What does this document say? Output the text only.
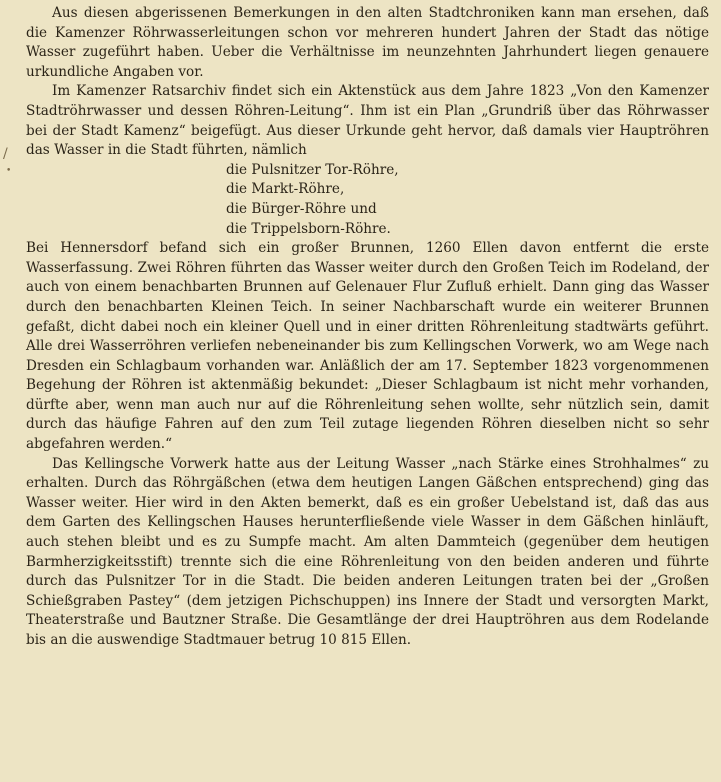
/
•

Aus diesen abgerissenen Bemerkungen in den alten Stadtchroniken kann man ersehen, daß die Kamenzer Röhrwasserleitungen schon vor mehreren hundert Jahren der Stadt das nötige Wasser zugeführt haben. Ueber die Verhältnisse im neunzehnten Jahrhundert liegen genauere urkundliche Angaben vor.

Im Kamenzer Ratsarchiv findet sich ein Aktenstück aus dem Jahre 1823 „Von den Kamenzer Stadtröhrwasser und dessen Röhren-Leitung“. Ihm ist ein Plan „Grundriß über das Röhrwasser bei der Stadt Kamenz“ beigefügt. Aus dieser Urkunde geht hervor, daß damals vier Hauptröhren das Wasser in die Stadt führten, nämlich

die Pulsnitzer Tor-Röhre,
die Markt-Röhre,
die Bürger-Röhre und
die Trippelsborn-Röhre.

Bei Hennersdorf befand sich ein großer Brunnen, 1260 Ellen davon entfernt die erste Wasserfassung. Zwei Röhren führten das Wasser weiter durch den Großen Teich im Rodeland, der auch von einem benachbarten Brunnen auf Gelenauer Flur Zufluß erhielt. Dann ging das Wasser durch den benachbarten Kleinen Teich. In seiner Nachbarschaft wurde ein weiterer Brunnen gefaßt, dicht dabei noch ein kleiner Quell und in einer dritten Röhrenleitung stadtwärts geführt. Alle drei Wasserröhren verliefen nebeneinander bis zum Kellingschen Vorwerk, wo am Wege nach Dresden ein Schlagbaum vorhanden war. Anläßlich der am 17. September 1823 vorgenommenen Begehung der Röhren ist aktenmäßig bekundet: „Dieser Schlagbaum ist nicht mehr vorhanden, dürfte aber, wenn man auch nur auf die Röhrenleitung sehen wollte, sehr nützlich sein, damit durch das häufige Fahren auf den zum Teil zutage liegenden Röhren dieselben nicht so sehr abgefahren werden.“

Das Kellingsche Vorwerk hatte aus der Leitung Wasser „nach Stärke eines Strohhalmes“ zu erhalten. Durch das Röhrgäßchen (etwa dem heutigen Langen Gäßchen entsprechend) ging das Wasser weiter. Hier wird in den Akten bemerkt, daß es ein großer Uebelstand ist, daß das aus dem Garten des Kellingschen Hauses herunterfließende viele Wasser in dem Gäßchen hinläuft, auch stehen bleibt und es zu Sumpfe macht. Am alten Dammteich (gegenüber dem heutigen Barmherzigkeitsstift) trennte sich die eine Röhrenleitung von den beiden anderen und führte durch das Pulsnitzer Tor in die Stadt. Die beiden anderen Leitungen traten bei der „Großen Schießgraben Pastey“ (dem jetzigen Pichschuppen) ins Innere der Stadt und versorgten Markt, Theaterstraße und Bautzner Straße. Die Gesamtlänge der drei Hauptröhren aus dem Rodelande bis an die auswendige Stadtmauer betrug 10 815 Ellen.
